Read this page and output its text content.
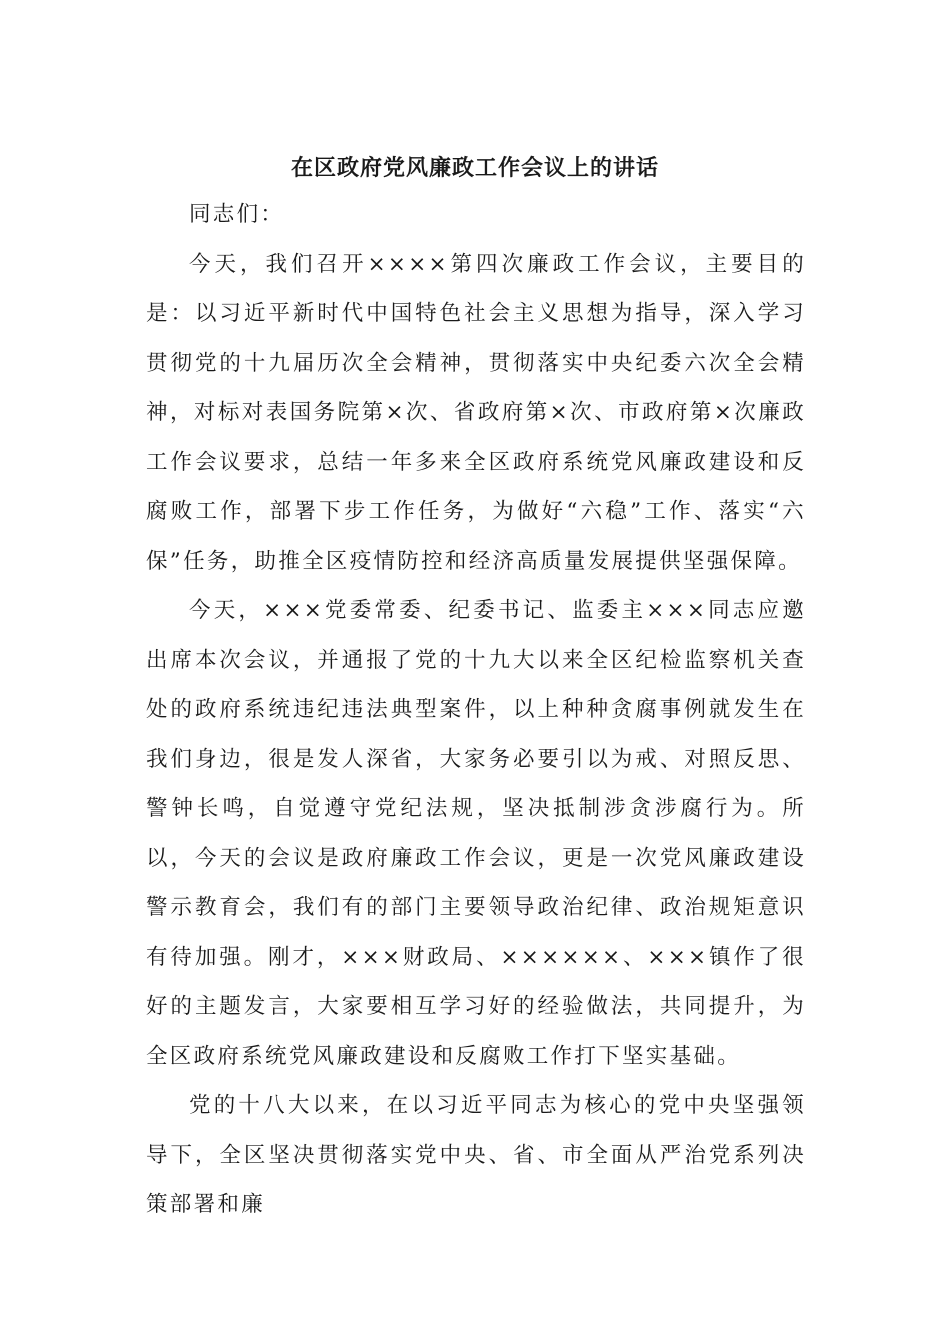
在区政府党风廉政工作会议上的讲话

同志们：

今天，我们召开××××第四次廉政工作会议，主要目的是：以习近平新时代中国特色社会主义思想为指导，深入学习贯彻党的十九届历次全会精神，贯彻落实中央纪委六次全会精神，对标对表国务院第×次、省政府第×次、市政府第×次廉政工作会议要求，总结一年多来全区政府系统党风廉政建设和反腐败工作，部署下步工作任务，为做好“六稳”工作、落实“六保”任务，助推全区疫情防控和经济高质量发展提供坚强保障。

今天，×××党委常委、纪委书记、监委主×××同志应邀出席本次会议，并通报了党的十九大以来全区纪检监察机关查处的政府系统违纪违法典型案件，以上种种贪腐事例就发生在我们身边，很是发人深省，大家务必要引以为戒、对照反思、警钟长鸣，自觉遵守党纪法规，坚决抵制涉贪涉腐行为。所以，今天的会议是政府廉政工作会议，更是一次党风廉政建设警示教育会，我们有的部门主要领导政治纪律、政治规矩意识有待加强。刚才，×××财政局、××××××、×××镇作了很好的主题发言，大家要相互学习好的经验做法，共同提升，为全区政府系统党风廉政建设和反腐败工作打下坚实基础。

党的十八大以来，在以习近平同志为核心的党中央坚强领导下，全区坚决贯彻落实党中央、省、市全面从严治党系列决策部署和廉
